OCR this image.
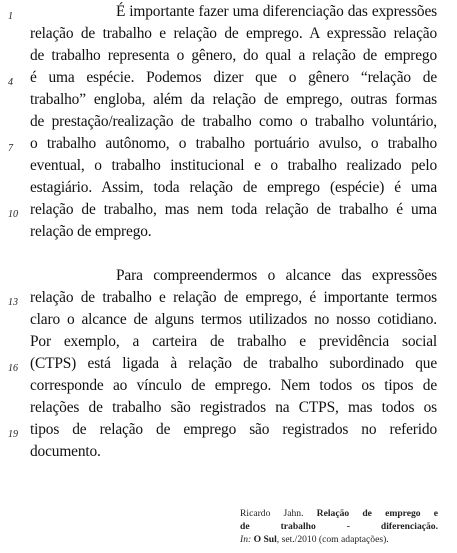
1
4
7
10
13
16
19
É importante fazer uma diferenciação das expressões
relação de trabalho e relação de emprego. A expressão relação
de trabalho representa o gênero, do qual a relação de emprego
é uma espécie. Podemos dizer que o gênero “relação de
trabalho” engloba, além da relação de emprego, outras formas
de prestação/realização de trabalho como o trabalho voluntário,
o trabalho autônomo, o trabalho portuário avulso, o trabalho
eventual, o trabalho institucional e o trabalho realizado pelo
estagiário. Assim, toda relação de emprego (espécie) é uma
relação de trabalho, mas nem toda relação de trabalho é uma
relação de emprego.
Para compreendermos o alcance das expressões
relação de trabalho e relação de emprego, é importante termos
claro o alcance de alguns termos utilizados no nosso cotidiano.
Por exemplo, a carteira de trabalho e previdência social
(CTPS) está ligada à relação de trabalho subordinado que
corresponde ao vínculo de emprego. Nem todos os tipos de
relações de trabalho são registrados na CTPS, mas todos os
tipos de relação de emprego são registrados no referido
documento.
Ricardo Jahn. Relação de emprego e
de trabalho - diferenciação.
In: O Sul, set./2010 (com adaptações).
